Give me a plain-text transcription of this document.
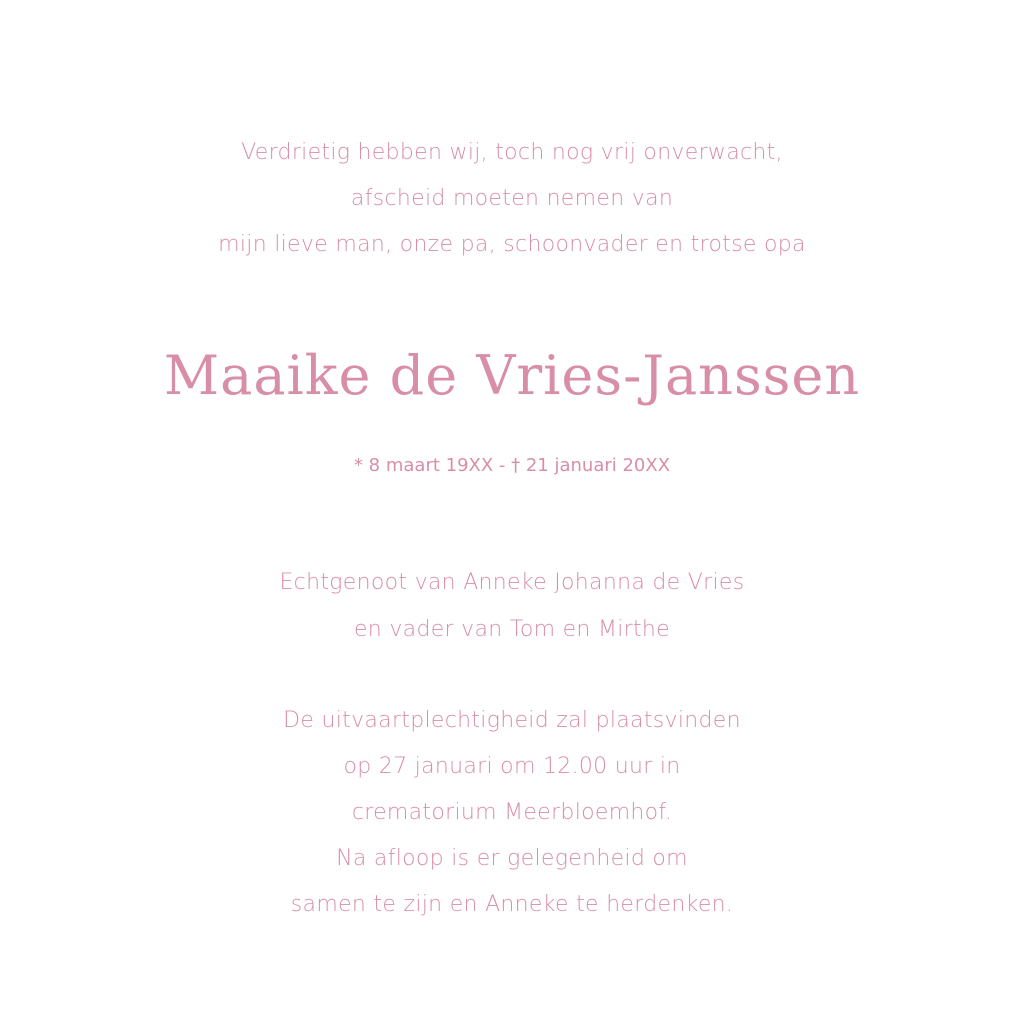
Verdrietig hebben wij, toch nog vrij onverwacht,

afscheid moeten nemen van

mijn lieve man, onze pa, schoonvader en trotse opa

Maaike de Vries-Janssen

* 8 maart 19XX - † 21 januari 20XX

Echtgenoot van Anneke Johanna de Vries

en vader van Tom en Mirthe

De uitvaartplechtigheid zal plaatsvinden

op 27 januari om 12.00 uur in

crematorium Meerbloemhof.

Na afloop is er gelegenheid om

samen te zijn en Anneke te herdenken.
